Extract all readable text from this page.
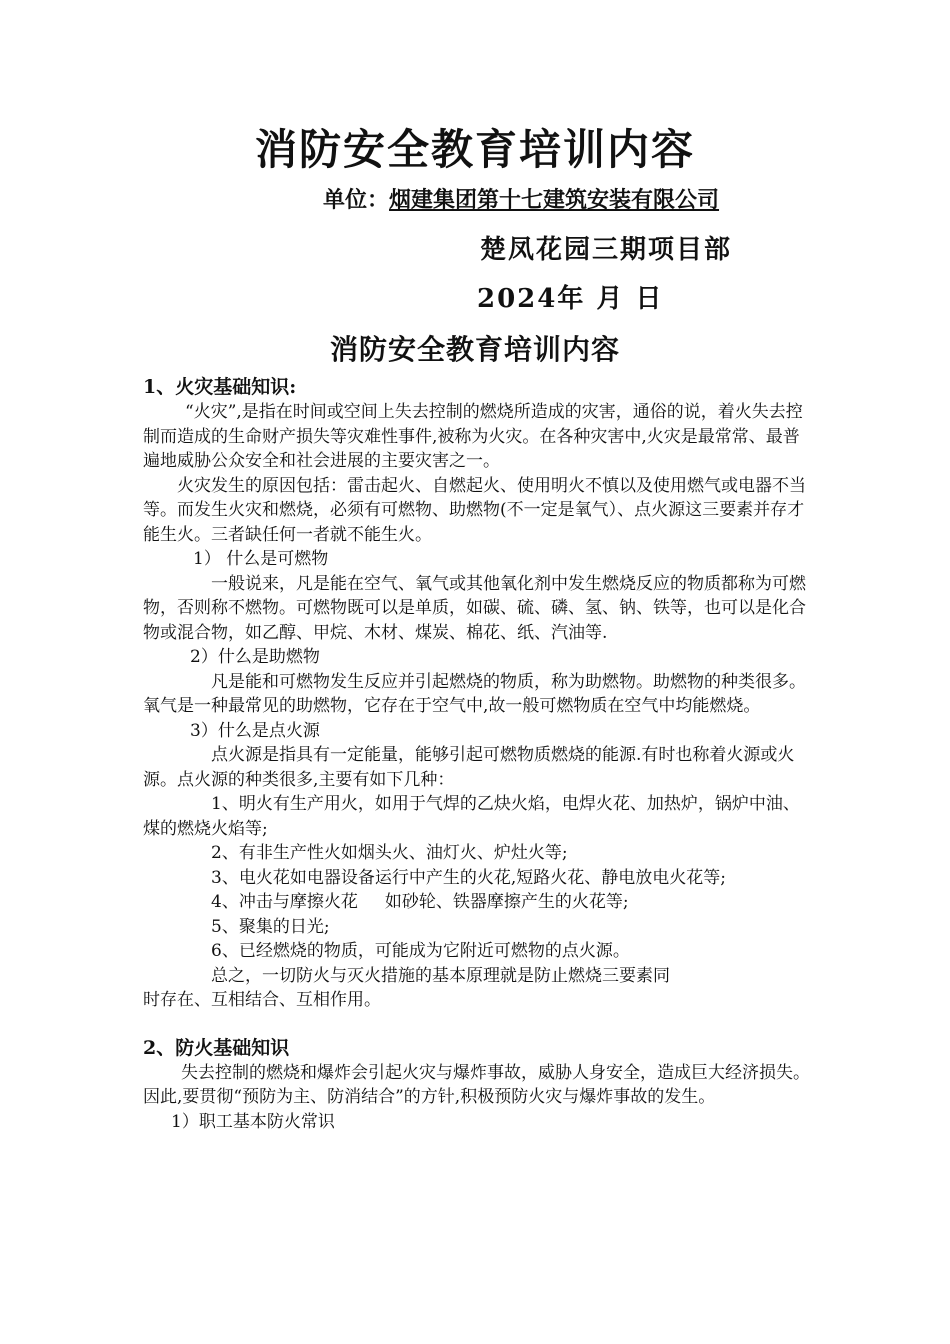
消防安全教育培训内容
单位：烟建集团第十七建筑安装有限公司
楚凤花园三期项目部
2024年 月 日
消防安全教育培训内容

1、火灾基础知识:

“火灾”,是指在时间或空间上失去控制的燃烧所造成的灾害，通俗的说，着火失去控制而造成的生命财产损失等灾难性事件,被称为火灾。在各种灾害中,火灾是最常常、最普遍地威胁公众安全和社会进展的主要灾害之一。

火灾发生的原因包括：雷击起火、自燃起火、使用明火不慎以及使用燃气或电器不当等。而发生火灾和燃烧，必须有可燃物、助燃物(不一定是氧气）、点火源这三要素并存才能生火。三者缺任何一者就不能生火。

1） 什么是可燃物

一般说来，凡是能在空气、氧气或其他氧化剂中发生燃烧反应的物质都称为可燃物，否则称不燃物。可燃物既可以是单质，如碳、硫、磷、氢、钠、铁等，也可以是化合物或混合物，如乙醇、甲烷、木材、煤炭、棉花、纸、汽油等.

2）什么是助燃物

凡是能和可燃物发生反应并引起燃烧的物质，称为助燃物。助燃物的种类很多。氧气是一种最常见的助燃物，它存在于空气中,故一般可燃物质在空气中均能燃烧。

3）什么是点火源

点火源是指具有一定能量，能够引起可燃物质燃烧的能源.有时也称着火源或火源。点火源的种类很多,主要有如下几种：

1、明火有生产用火，如用于气焊的乙炔火焰，电焊火花、加热炉，锅炉中油、煤的燃烧火焰等;

2、有非生产性火如烟头火、油灯火、炉灶火等;

3、电火花如电器设备运行中产生的火花,短路火花、静电放电火花等;

4、冲击与摩擦火花     如砂轮、铁器摩擦产生的火花等;

5、聚集的日光;

6、已经燃烧的物质，可能成为它附近可燃物的点火源。

总之，一切防火与灭火措施的基本原理就是防止燃烧三要素同

时存在、互相结合、互相作用。

2、防火基础知识

失去控制的燃烧和爆炸会引起火灾与爆炸事故，威胁人身安全，造成巨大经济损失。因此,要贯彻“预防为主、防消结合”的方针,积极预防火灾与爆炸事故的发生。

1）职工基本防火常识
